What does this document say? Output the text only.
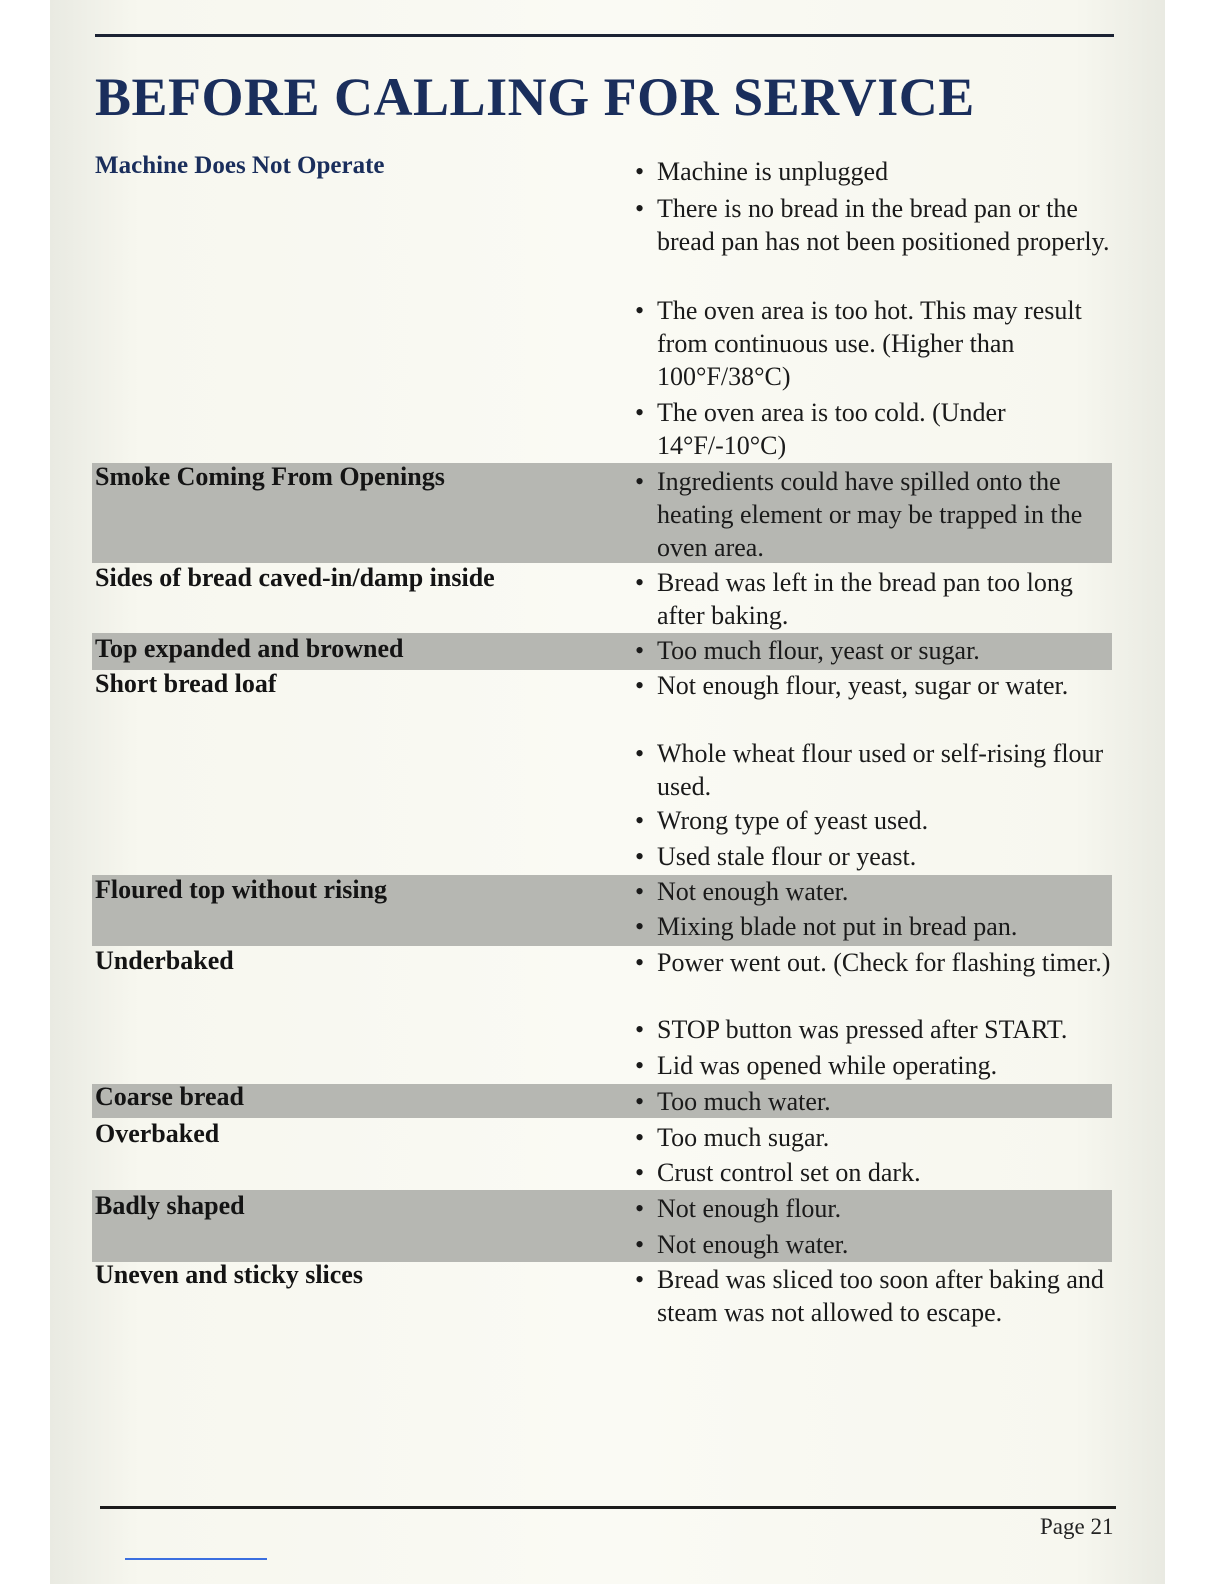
BEFORE CALLING FOR SERVICE
Machine Does Not Operate
Smoke Coming From Openings
Sides of bread caved-in/damp inside
Top expanded and browned
Short bread loaf
Floured top without rising
Underbaked
Coarse bread
Overbaked
Badly shaped
Uneven and sticky slices
• Machine is unplugged
• There is no bread in the bread pan or the bread pan has not been positioned properly.
• The oven area is too hot. This may result from continuous use. (Higher than 100°F/38°C)
• The oven area is too cold. (Under 14°F/-10°C)
• Ingredients could have spilled onto the heating element or may be trapped in the oven area.
• Bread was left in the bread pan too long after baking.
• Too much flour, yeast or sugar.
• Not enough flour, yeast, sugar or water.
• Whole wheat flour used or self-rising flour used.
• Wrong type of yeast used.
• Used stale flour or yeast.
• Not enough water.
• Mixing blade not put in bread pan.
• Power went out. (Check for flashing timer.)
• STOP button was pressed after START.
• Lid was opened while operating.
• Too much water.
• Too much sugar.
• Crust control set on dark.
• Not enough flour.
• Not enough water.
• Bread was sliced too soon after baking and steam was not allowed to escape.
Page 21
